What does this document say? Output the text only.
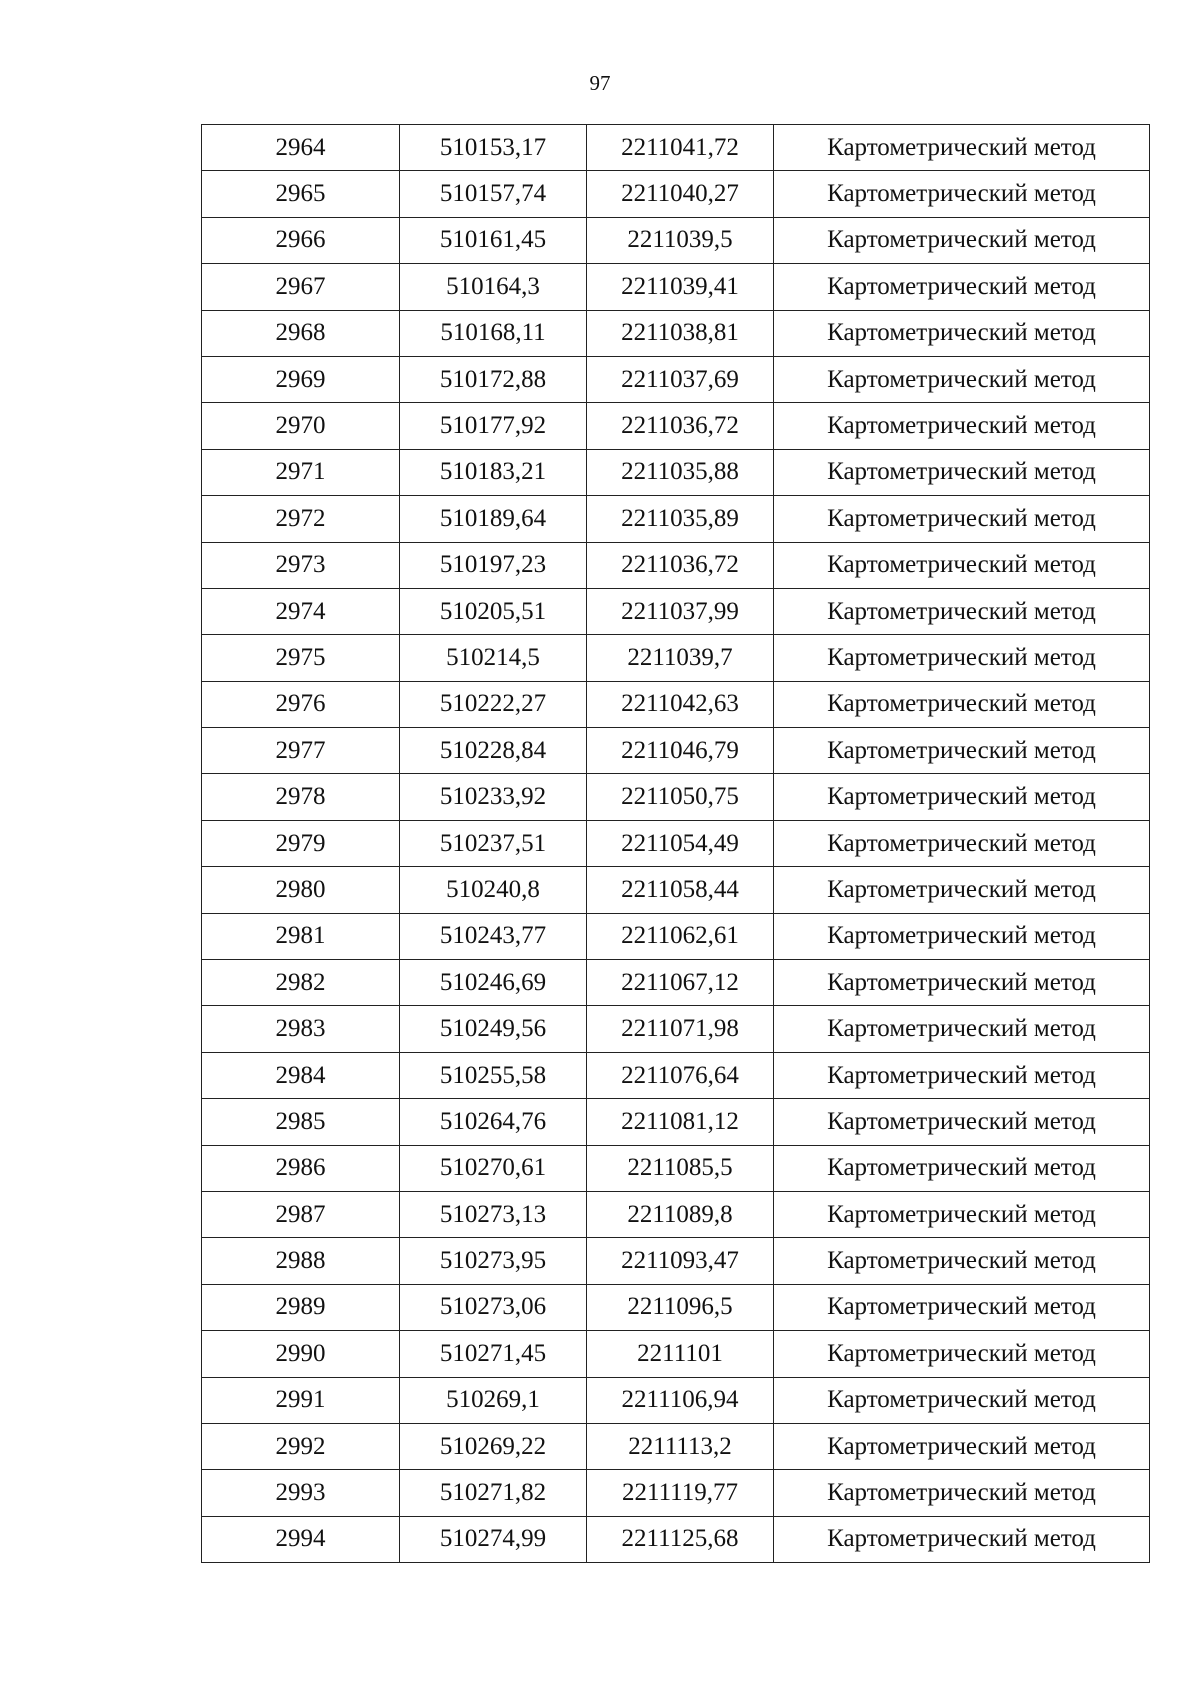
97
2964	510153,17	2211041,72	Картометрический метод
2965	510157,74	2211040,27	Картометрический метод
2966	510161,45	2211039,5	Картометрический метод
2967	510164,3	2211039,41	Картометрический метод
2968	510168,11	2211038,81	Картометрический метод
2969	510172,88	2211037,69	Картометрический метод
2970	510177,92	2211036,72	Картометрический метод
2971	510183,21	2211035,88	Картометрический метод
2972	510189,64	2211035,89	Картометрический метод
2973	510197,23	2211036,72	Картометрический метод
2974	510205,51	2211037,99	Картометрический метод
2975	510214,5	2211039,7	Картометрический метод
2976	510222,27	2211042,63	Картометрический метод
2977	510228,84	2211046,79	Картометрический метод
2978	510233,92	2211050,75	Картометрический метод
2979	510237,51	2211054,49	Картометрический метод
2980	510240,8	2211058,44	Картометрический метод
2981	510243,77	2211062,61	Картометрический метод
2982	510246,69	2211067,12	Картометрический метод
2983	510249,56	2211071,98	Картометрический метод
2984	510255,58	2211076,64	Картометрический метод
2985	510264,76	2211081,12	Картометрический метод
2986	510270,61	2211085,5	Картометрический метод
2987	510273,13	2211089,8	Картометрический метод
2988	510273,95	2211093,47	Картометрический метод
2989	510273,06	2211096,5	Картометрический метод
2990	510271,45	2211101	Картометрический метод
2991	510269,1	2211106,94	Картометрический метод
2992	510269,22	2211113,2	Картометрический метод
2993	510271,82	2211119,77	Картометрический метод
2994	510274,99	2211125,68	Картометрический метод
